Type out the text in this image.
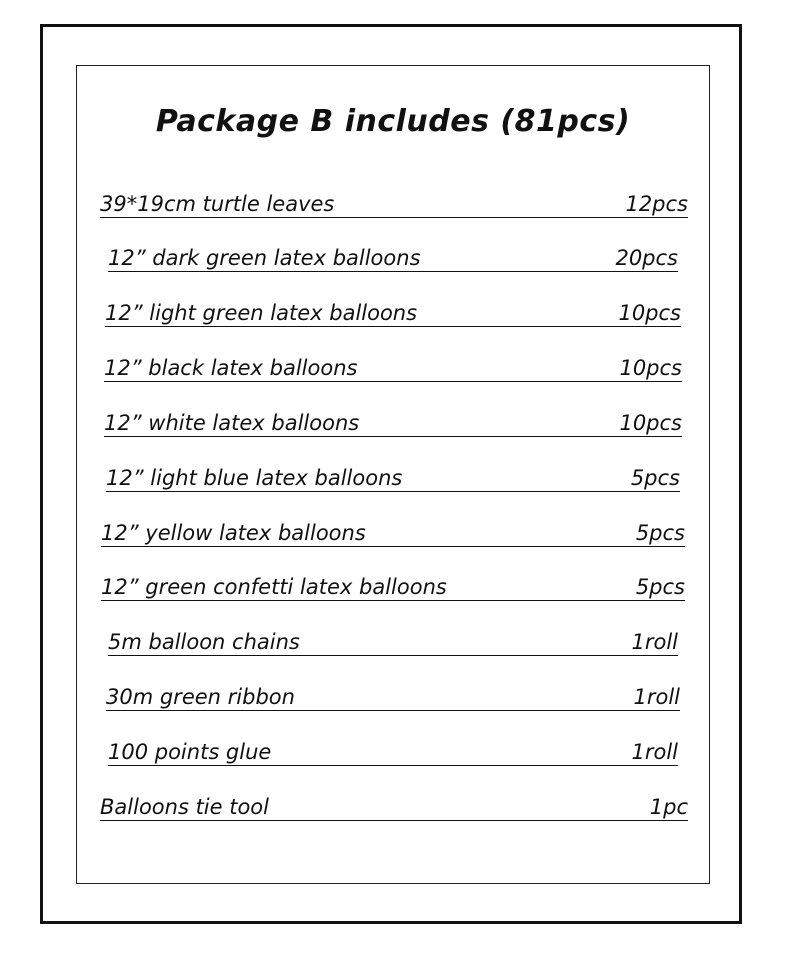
Package B includes (81pcs)
39*19cm turtle leaves	12pcs
12” dark green latex balloons	20pcs
12” light green latex balloons	10pcs
12” black latex balloons	10pcs
12” white latex balloons	10pcs
12” light blue latex balloons	5pcs
12” yellow latex balloons	5pcs
12” green confetti latex balloons	5pcs
5m balloon chains	1roll
30m green ribbon	1roll
100 points glue	1roll
Balloons tie tool	1pc
